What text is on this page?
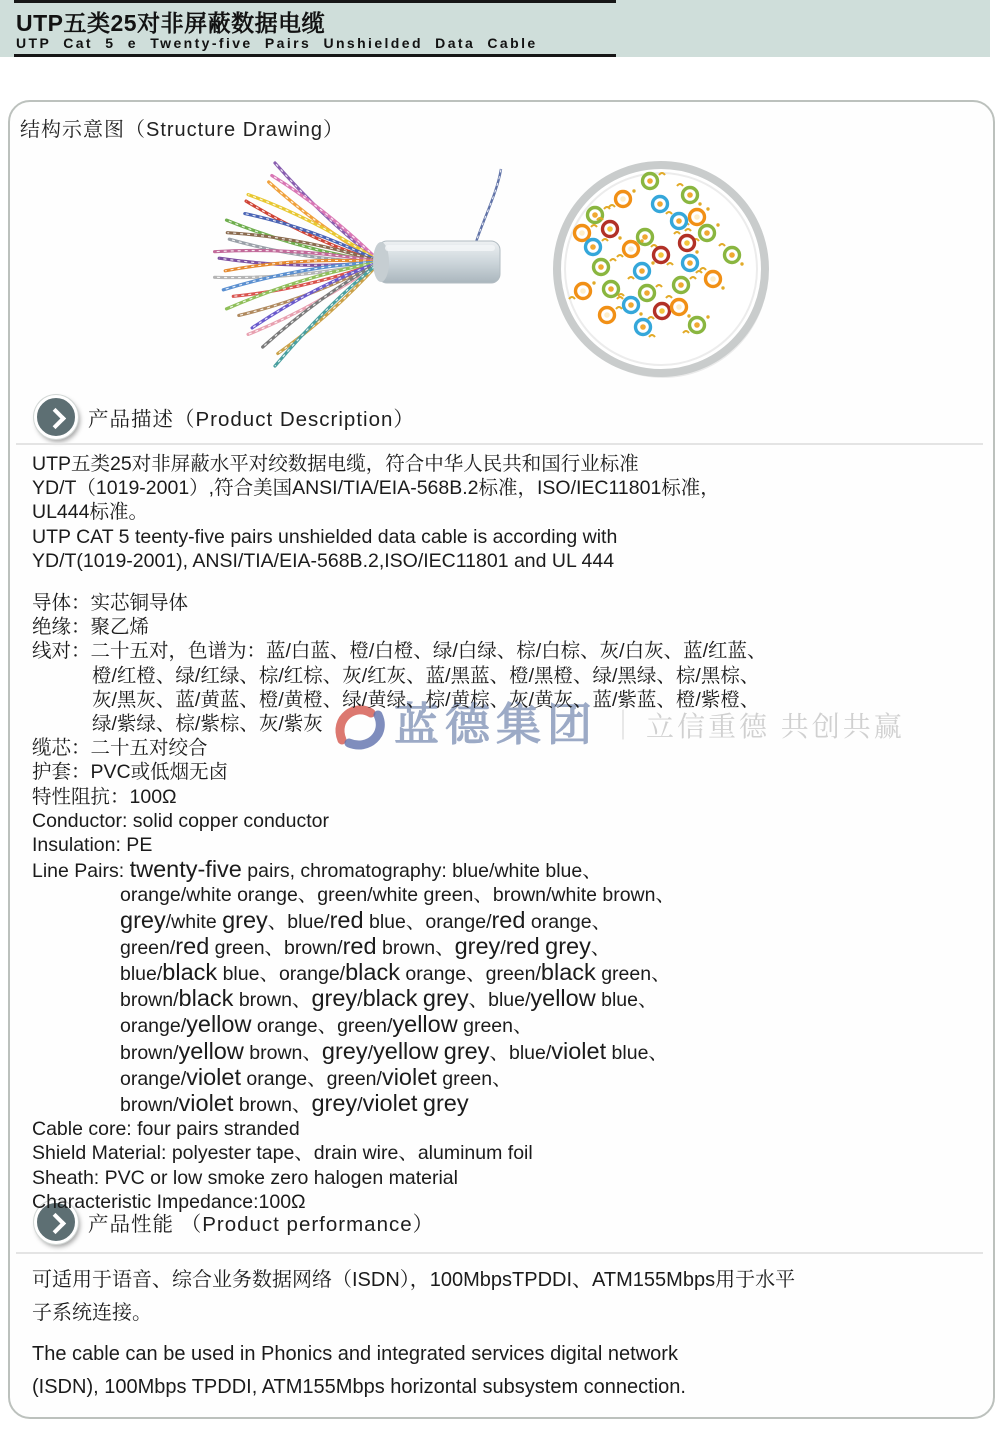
UTP五类25对非屏蔽数据电缆
UTP Cat 5 e Twenty-five Pairs Unshielded Data Cable
结构示意图（Structure Drawing）
产品描述（Product Description）
蓝德集团 ｜ 立信重德 共创共赢
UTP五类25对非屏蔽水平对绞数据电缆，符合中华人民共和国行业标准
YD/T（1019-2001）,符合美国ANSI/TIA/EIA-568B.2标准，ISO/IEC11801标准，
UL444标准。
UTP CAT 5 teenty-five pairs unshielded data cable is according with
YD/T(1019-2001), ANSI/TIA/EIA-568B.2,ISO/IEC11801 and UL 444
导体：实芯铜导体
绝缘：聚乙烯
线对：二十五对，色谱为：蓝/白蓝、橙/白橙、绿/白绿、棕/白棕、灰/白灰、蓝/红蓝、
橙/红橙、绿/红绿、棕/红棕、灰/红灰、蓝/黑蓝、橙/黑橙、绿/黑绿、棕/黑棕、
灰/黑灰、蓝/黄蓝、橙/黄橙、绿/黄绿、棕/黄棕、灰/黄灰、蓝/紫蓝、橙/紫橙、
绿/紫绿、棕/紫棕、灰/紫灰
缆芯：二十五对绞合
护套：PVC或低烟无卤
特性阻抗：100Ω
Conductor: solid copper conductor
Insulation: PE
Line Pairs: twenty-five pairs, chromatography: blue/white blue、
orange/white orange、green/white green、brown/white brown、
grey/white grey、blue/red blue、orange/red orange、
green/red green、brown/red brown、grey/red grey、
blue/black blue、orange/black orange、green/black green、
brown/black brown、grey/black grey、blue/yellow blue、
orange/yellow orange、green/yellow green、
brown/yellow brown、grey/yellow grey、blue/violet blue、
orange/violet orange、green/violet green、
brown/violet brown、grey/violet grey
Cable core: four pairs stranded
Shield Material: polyester tape、drain wire、aluminum foil
Sheath: PVC or low smoke zero halogen material
Characteristic Impedance:100Ω
产品性能 （Product performance）
可适用于语音、综合业务数据网络（ISDN），100MbpsTPDDI、ATM155Mbps用于水平
子系统连接。
The cable can be used in Phonics and integrated services digital network
(ISDN), 100Mbps TPDDI, ATM155Mbps horizontal subsystem connection.
